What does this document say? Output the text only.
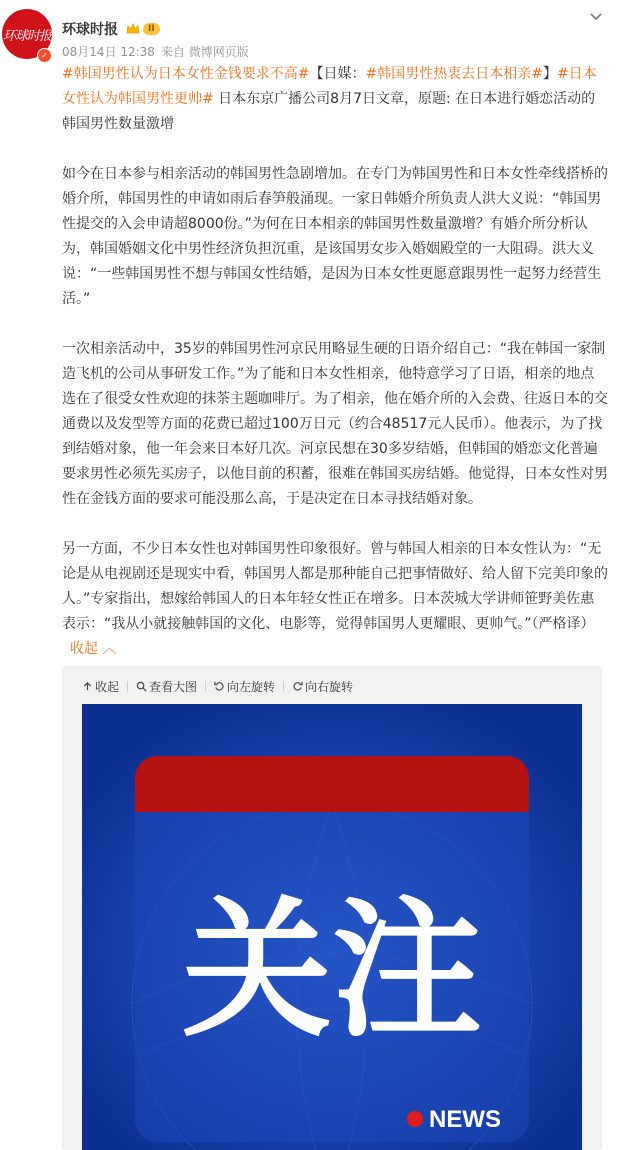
环球时报
✓
环球时报	II
08月14日 12:38 来自 微博网页版

#韩国男性认为日本女性金钱要求不高#【日媒：#韩国男性热衷去日本相亲#】#日本女性认为韩国男性更帅# 日本东京广播公司8月7日文章，原题: 在日本进行婚恋活动的韩国男性数量激增

如今在日本参与相亲活动的韩国男性急剧增加。在专门为韩国男性和日本女性牵线搭桥的婚介所，韩国男性的申请如雨后春笋般涌现。一家日韩婚介所负责人洪大义说：“韩国男性提交的入会申请超8000份。”为何在日本相亲的韩国男性数量激增？有婚介所分析认为，韩国婚姻文化中男性经济负担沉重，是该国男女步入婚姻殿堂的一大阻碍。洪大义说：“一些韩国男性不想与韩国女性结婚，是因为日本女性更愿意跟男性一起努力经营生活。”

一次相亲活动中，35岁的韩国男性河京民用略显生硬的日语介绍自己：“我在韩国一家制造飞机的公司从事研发工作。”为了能和日本女性相亲，他特意学习了日语，相亲的地点选在了很受女性欢迎的抹茶主题咖啡厅。为了相亲，他在婚介所的入会费、往返日本的交通费以及发型等方面的花费已超过100万日元（约合48517元人民币）。他表示，为了找到结婚对象，他一年会来日本好几次。河京民想在30多岁结婚，但韩国的婚恋文化普遍要求男性必须先买房子，以他目前的积蓄，很难在韩国买房结婚。他觉得，日本女性对男性在金钱方面的要求可能没那么高，于是决定在日本寻找结婚对象。

另一方面，不少日本女性也对韩国男性印象很好。曾与韩国人相亲的日本女性认为：“无论是从电视剧还是现实中看，韩国男人都是那种能自己把事情做好、给人留下完美印象的人。”专家指出，想嫁给韩国人的日本年轻女性正在增多。日本茨城大学讲师笹野美佐惠表示：“我从小就接触韩国的文化、电影等，觉得韩国男人更耀眼、更帅气。”（严格译）收起 ︿

收起	查看大图	向左旋转	向右旋转
关注
NEWS
